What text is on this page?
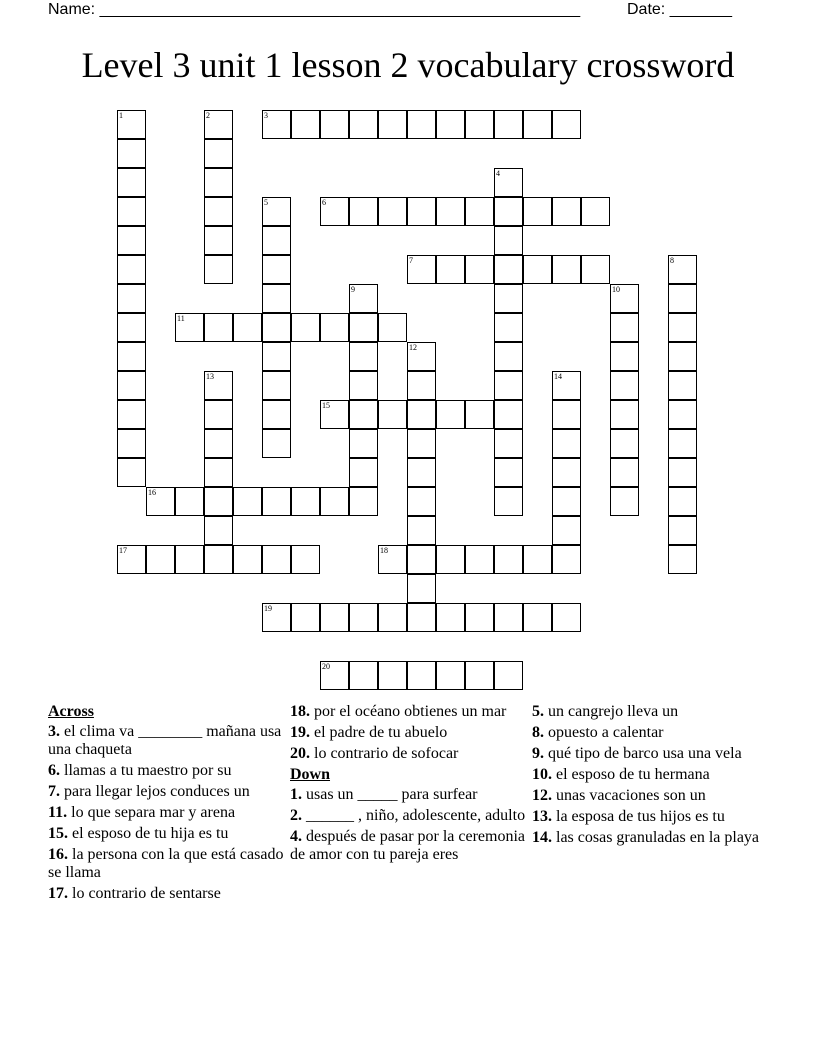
Name: ______________________________________________________	Date: _______
Level 3 unit 1 lesson 2 vocabulary crossword
1	2	3
4
5	6
7	8
9	10
11
12
13	14
15
16
17	18
19
20
Across
3. el clima va ________ mañana usa una chaqueta
6. llamas a tu maestro por su
7. para llegar lejos conduces un
11. lo que separa mar y arena
15. el esposo de tu hija es tu
16. la persona con la que está casado se llama
17. lo contrario de sentarse
18. por el océano obtienes un mar
19. el padre de tu abuelo
20. lo contrario de sofocar
Down
1. usas un _____ para surfear
2. ______ , niño, adolescente, adulto
4. después de pasar por la ceremonia de amor con tu pareja eres
5. un cangrejo lleva un
8. opuesto a calentar
9. qué tipo de barco usa una vela
10. el esposo de tu hermana
12. unas vacaciones son un
13. la esposa de tus hijos es tu
14. las cosas granuladas en la playa
